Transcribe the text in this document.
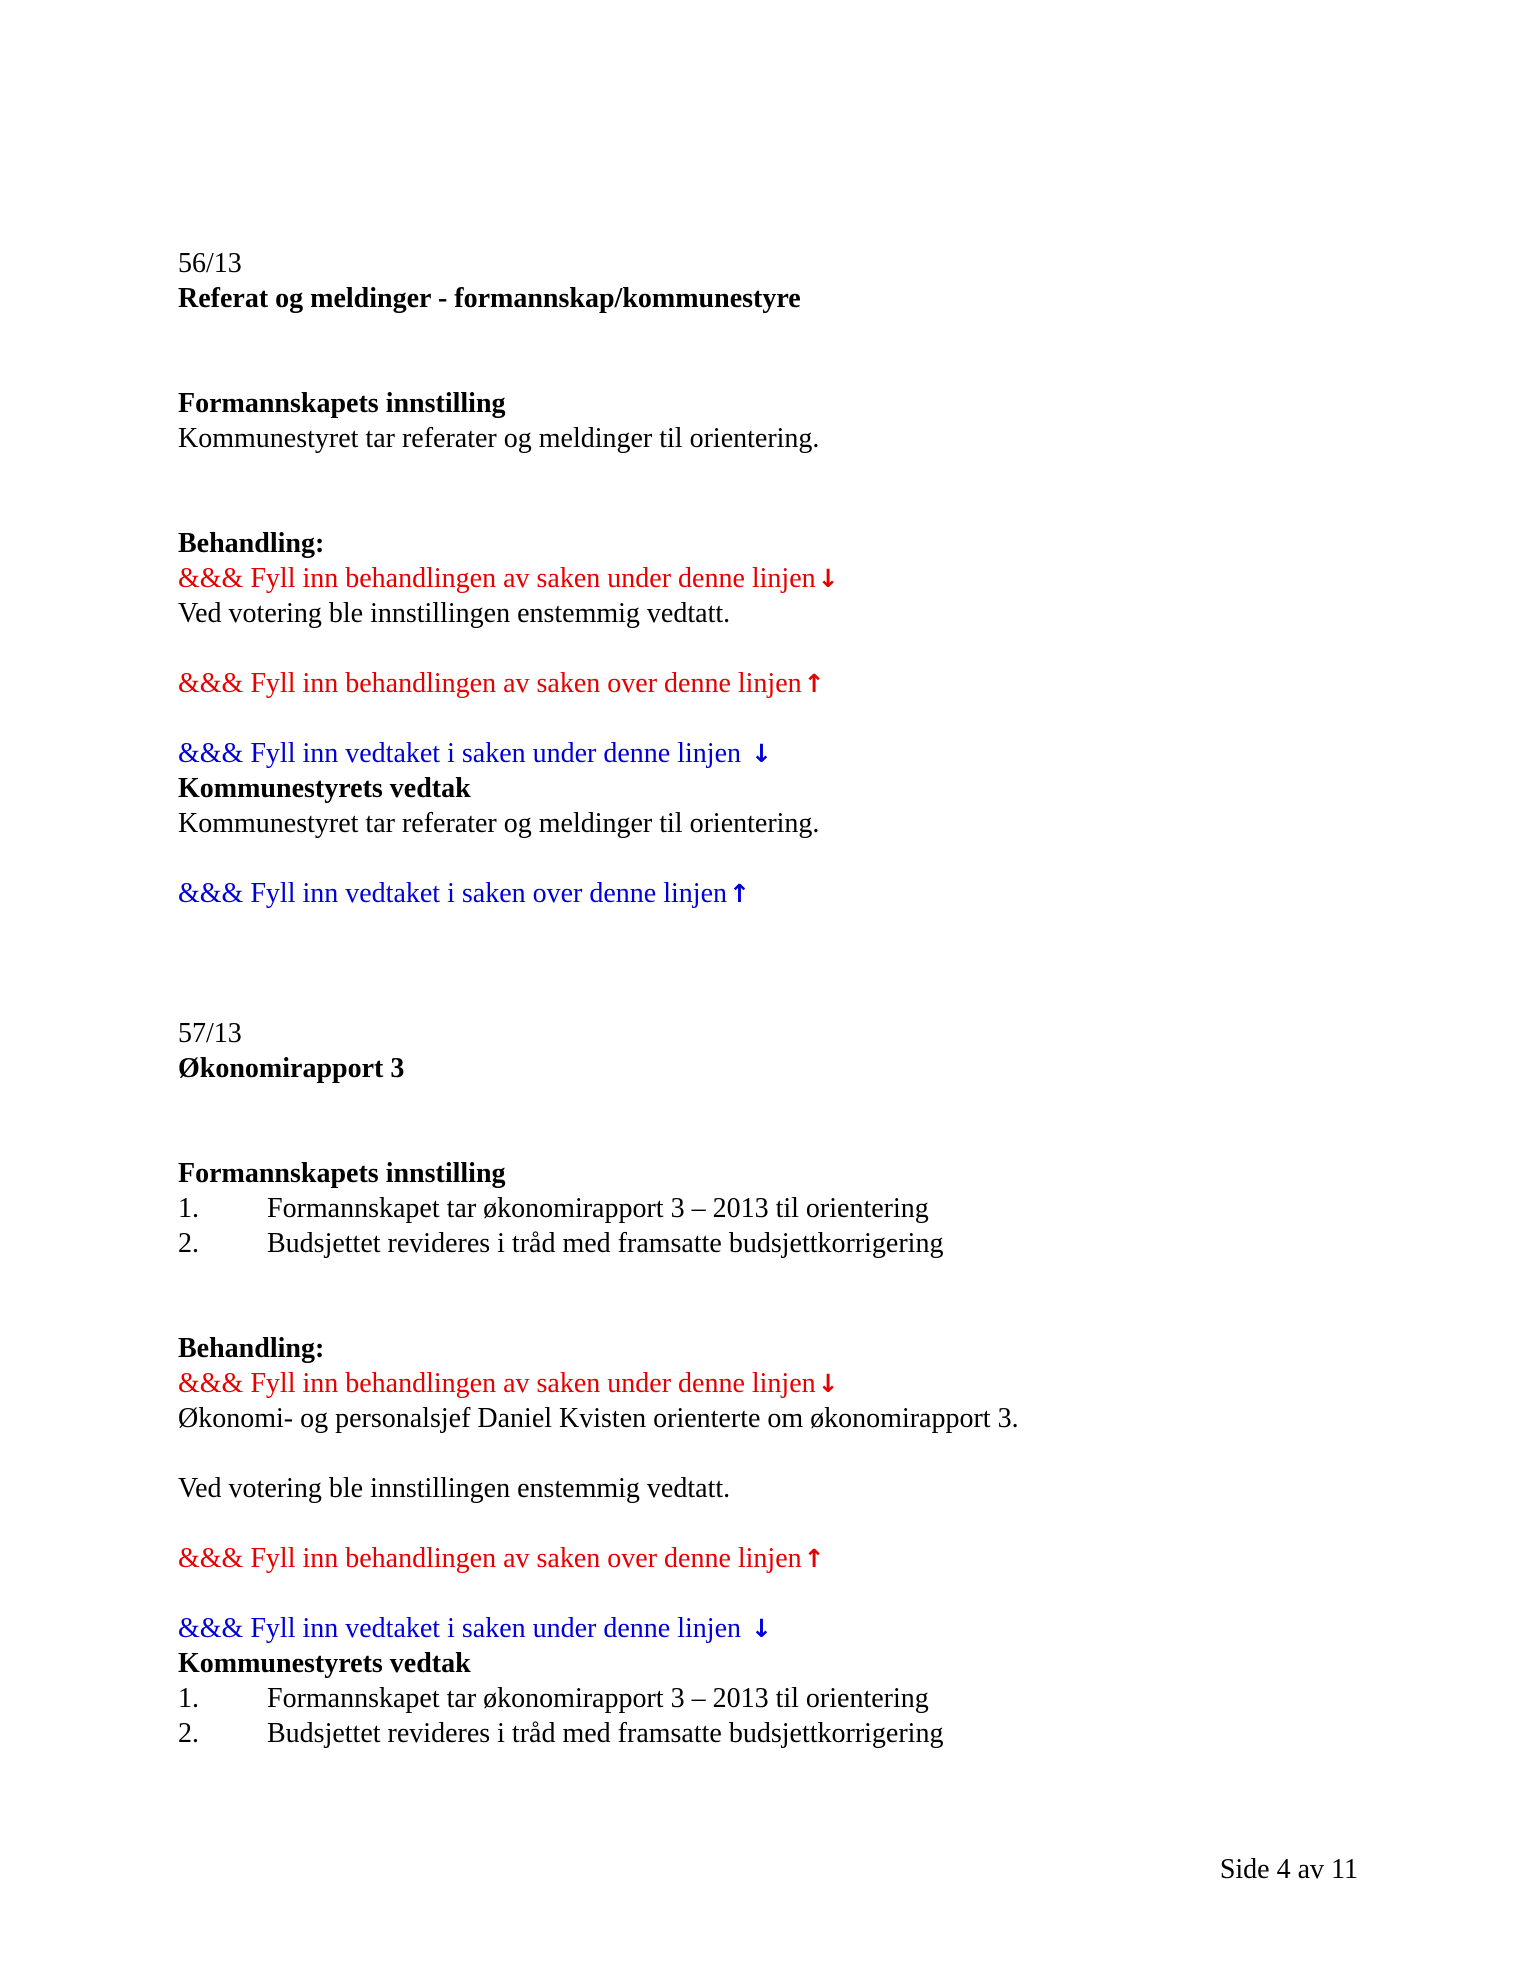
56/13
Referat og meldinger - formannskap/kommunestyre
Formannskapets innstilling
Kommunestyret tar referater og meldinger til orientering.
Behandling:
&&& Fyll inn behandlingen av saken under denne linjen↓
Ved votering ble innstillingen enstemmig vedtatt.
&&& Fyll inn behandlingen av saken over denne linjen↑
&&& Fyll inn vedtaket i saken under denne linjen ↓
Kommunestyrets vedtak
Kommunestyret tar referater og meldinger til orientering.
&&& Fyll inn vedtaket i saken over denne linjen↑
57/13
Økonomirapport 3
Formannskapets innstilling
1. Formannskapet tar økonomirapport 3 – 2013 til orientering
2. Budsjettet revideres i tråd med framsatte budsjettkorrigering
Behandling:
&&& Fyll inn behandlingen av saken under denne linjen↓
Økonomi- og personalsjef Daniel Kvisten orienterte om økonomirapport 3.
Ved votering ble innstillingen enstemmig vedtatt.
&&& Fyll inn behandlingen av saken over denne linjen↑
&&& Fyll inn vedtaket i saken under denne linjen ↓
Kommunestyrets vedtak
1. Formannskapet tar økonomirapport 3 – 2013 til orientering
2. Budsjettet revideres i tråd med framsatte budsjettkorrigering
Side 4 av 11
